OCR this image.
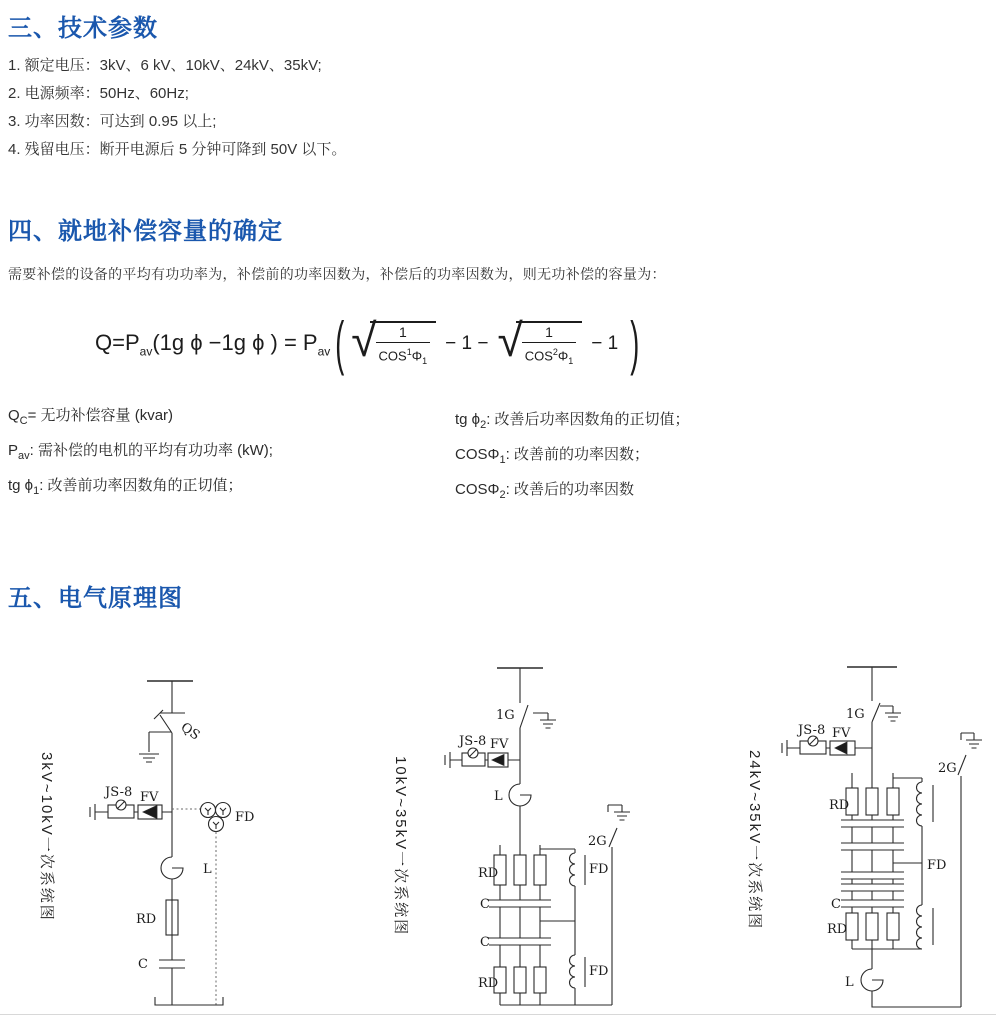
三、技术参数
1. 额定电压：3kV、6 kV、10kV、24kV、35kV;
2. 电源频率：50Hz、60Hz;
3. 功率因数：可达到 0.95 以上;
4. 残留电压：断开电源后 5 分钟可降到 50V 以下。
四、就地补偿容量的确定
需要补偿的设备的平均有功功率为，补偿前的功率因数为，补偿后的功率因数为，则无功补偿的容量为：
$Q=P_{av}(1g$ ϕ −1g ϕ ) = $P_{av}$ ( √
$\frac{1}{COS^1\Phi_1} - 1$ − √
$\frac{1}{COS^2\Phi_1} - 1$ )
$Q_C=$ 无功补偿容量 (kvar)
$P_{av}$: 需补偿的电机的平均有功功率 (kW);
tg $\phi_1$: 改善前功率因数角的正切值；
tg $\phi_2$: 改善后功率因数角的正切值；
$COS\Phi_1$: 改善前的功率因数；
$COS\Phi_2$: 改善后的功率因数
五、电气原理图
3kV~10kV一次系统图
QS
JS-8 FV
FD
L
RD
C
10kV~35kV一次系统图
1G
JS-8 FV
L
RD
C
C
RD
FD
FD
2G	24kV~35kV一次系统图
1G
JS-8 FV
RD
C
RD
FD
L
2G
